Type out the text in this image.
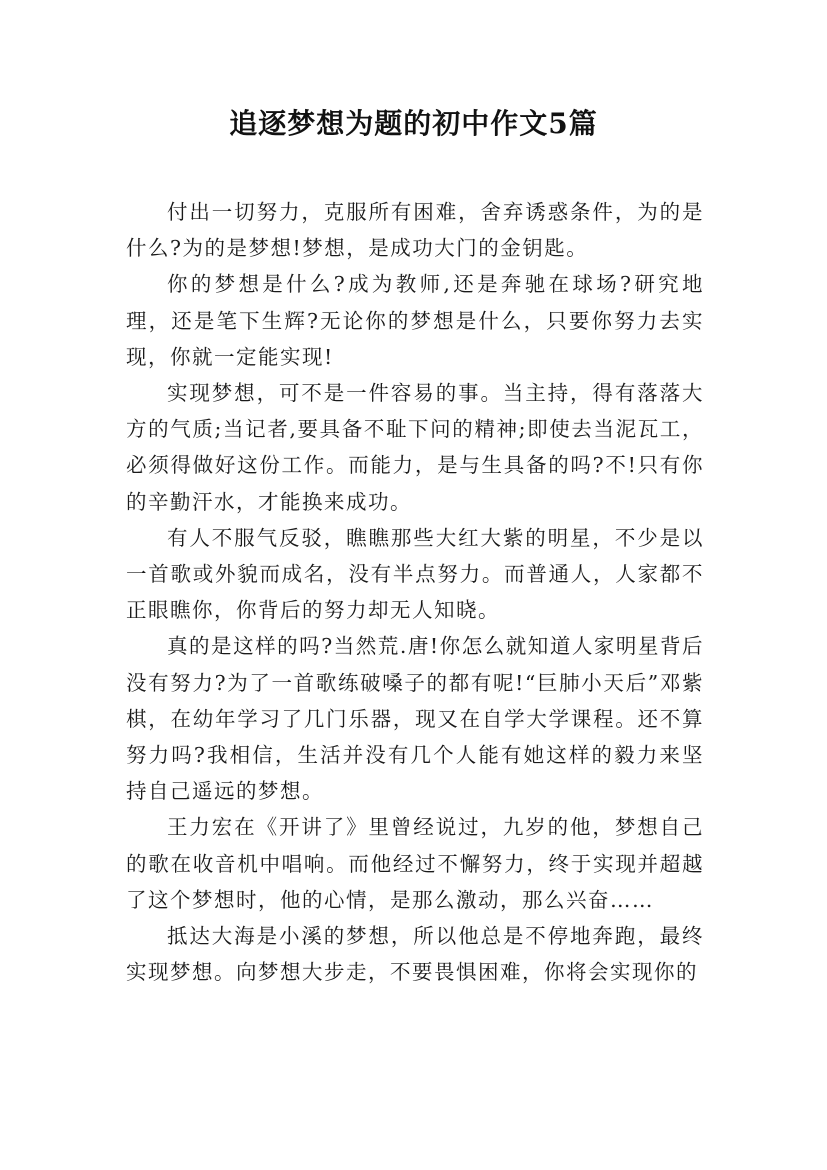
追逐梦想为题的初中作文5篇

付出一切努力，克服所有困难，舍弃诱惑条件，为的是什么?为的是梦想!梦想，是成功大门的金钥匙。

你的梦想是什么?成为教师,还是奔驰在球场?研究地理，还是笔下生辉?无论你的梦想是什么，只要你努力去实现，你就一定能实现!

实现梦想，可不是一件容易的事。当主持，得有落落大方的气质;当记者,要具备不耻下问的精神;即使去当泥瓦工，必须得做好这份工作。而能力，是与生具备的吗?不!只有你的辛勤汗水，才能换来成功。

有人不服气反驳，瞧瞧那些大红大紫的明星，不少是以一首歌或外貌而成名，没有半点努力。而普通人，人家都不正眼瞧你，你背后的努力却无人知晓。

真的是这样的吗?当然荒.唐!你怎么就知道人家明星背后没有努力?为了一首歌练破嗓子的都有呢!“巨肺小天后”邓紫棋，在幼年学习了几门乐器，现又在自学大学课程。还不算努力吗?我相信，生活并没有几个人能有她这样的毅力来坚持自己遥远的梦想。

王力宏在《开讲了》里曾经说过，九岁的他，梦想自己的歌在收音机中唱响。而他经过不懈努力，终于实现并超越了这个梦想时，他的心情，是那么激动，那么兴奋……

抵达大海是小溪的梦想，所以他总是不停地奔跑，最终实现梦想。向梦想大步走，不要畏惧困难，你将会实现你的
